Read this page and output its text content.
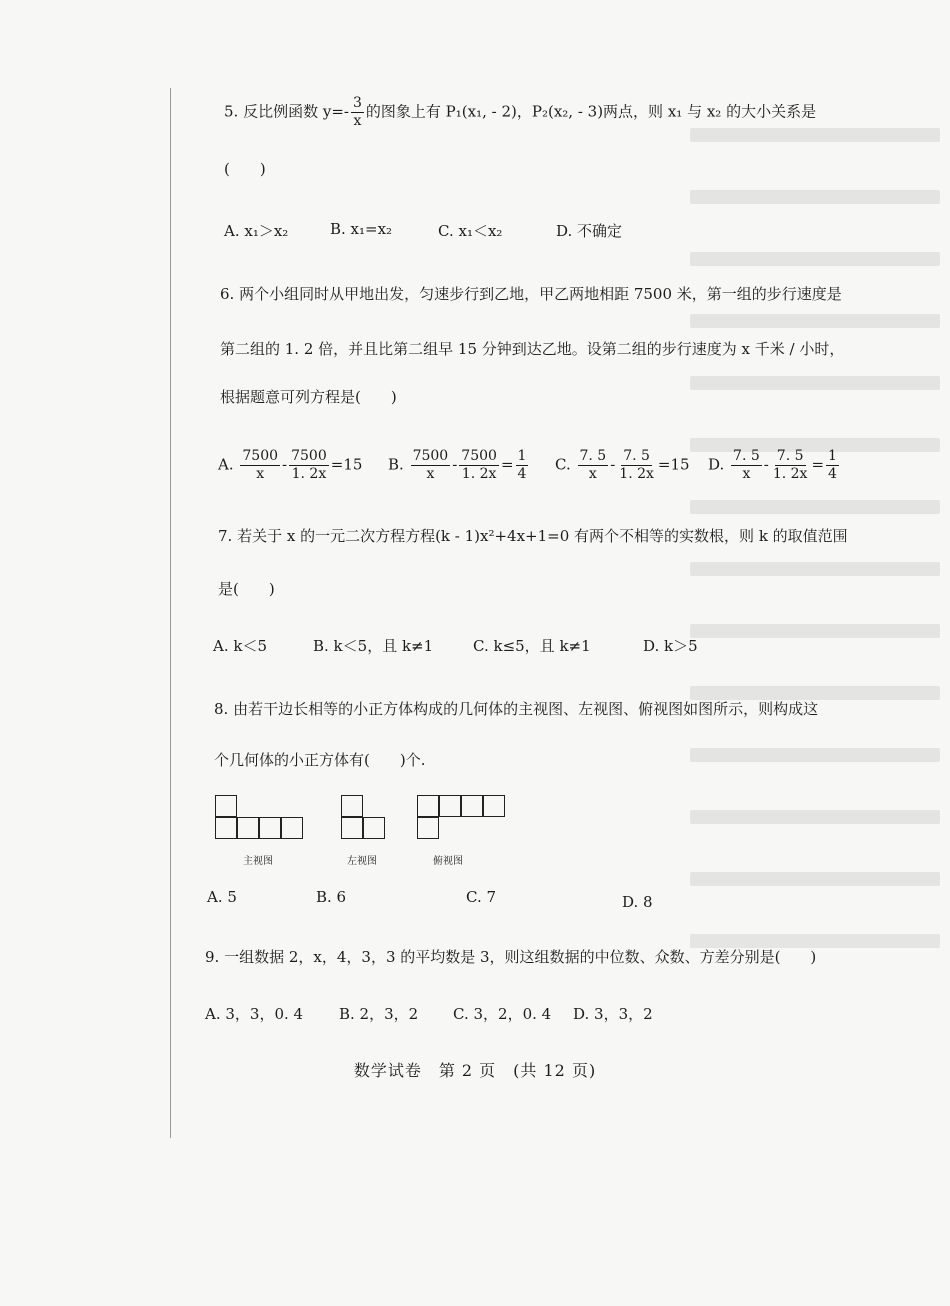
5. 反比例函数 $y=- \frac{3}{x}$ 的图象上有 P₁(x₁, - 2)，P₂(x₂, - 3)两点，则 x₁ 与 x₂ 的大小关系是
(　　)
A. x₁＞x₂	B. x₁=x₂	C. x₁＜x₂	D. 不确定
6. 两个小组同时从甲地出发，匀速步行到乙地，甲乙两地相距 7500 米，第一组的步行速度是
第二组的 1. 2 倍，并且比第二组早 15 分钟到达乙地。设第二组的步行速度为 x 千米 / 小时，
根据题意可列方程是(　　)
A. $\frac{7500}{x} - \frac{7500}{1. 2x} =15$ B. $\frac{7500}{x} - \frac{7500}{1. 2x} = \frac{1}{4} C$. $\frac{7. 5}{x} - \frac{7. 5}{1. 2x} =15$ D. $\frac{7. 5}{x} - \frac{7. 5}{1. 2x} = \frac{1}{4}$
7. 若关于 x 的一元二次方程方程(k - 1)x²+4x+1=0 有两个不相等的实数根，则 k 的取值范围
是(　　)
A. k＜5	B. k＜5，且 k≠1	C. k≤5，且 k≠1	D. k＞5
8. 由若干边长相等的小正方体构成的几何体的主视图、左视图、俯视图如图所示，则构成这
个几何体的小正方体有(　　)个.
主视图	左视图	俯视图
A. 5	B. 6	C. 7	D. 8
9. 一组数据 2，x，4，3，3 的平均数是 3，则这组数据的中位数、众数、方差分别是(　　)
A. 3，3，0. 4 B. 2，3，2 C. 3，2，0. 4 D. 3，3，2
数学试卷　第 2 页　(共 12 页)
